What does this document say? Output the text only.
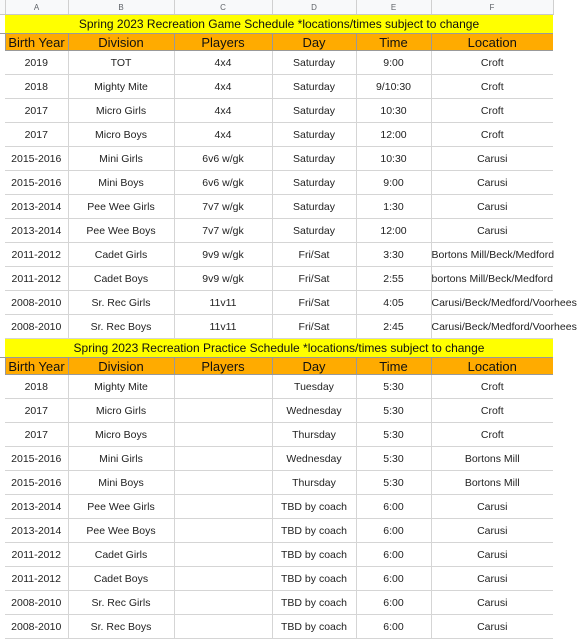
	A	B	C	D	E	F
	Spring 2023 Recreation Game Schedule *locations/times subject to change					
	Birth Year	Division	Players	Day	Time	Location
	2019	TOT	4x4	Saturday	9:00	Croft
	2018	Mighty Mite	4x4	Saturday	9/10:30	Croft
	2017	Micro Girls	4x4	Saturday	10:30	Croft
	2017	Micro Boys	4x4	Saturday	12:00	Croft
	2015-2016	Mini Girls	6v6 w/gk	Saturday	10:30	Carusi
	2015-2016	Mini Boys	6v6 w/gk	Saturday	9:00	Carusi
	2013-2014	Pee Wee Girls	7v7 w/gk	Saturday	1:30	Carusi
	2013-2014	Pee Wee Boys	7v7 w/gk	Saturday	12:00	Carusi
	2011-2012	Cadet Girls	9v9 w/gk	Fri/Sat	3:30	Bortons Mill/Beck/Medford
	2011-2012	Cadet Boys	9v9 w/gk	Fri/Sat	2:55	bortons Mill/Beck/Medford
	2008-2010	Sr. Rec Girls	11v11	Fri/Sat	4:05	Carusi/Beck/Medford/Voorhees
	2008-2010	Sr. Rec Boys	11v11	Fri/Sat	2:45	Carusi/Beck/Medford/Voorhees
	Spring 2023 Recreation Practice Schedule *locations/times subject to change					
	Birth Year	Division	Players	Day	Time	Location
	2018	Mighty Mite		Tuesday	5:30	Croft
	2017	Micro Girls		Wednesday	5:30	Croft
	2017	Micro Boys		Thursday	5:30	Croft
	2015-2016	Mini Girls		Wednesday	5:30	Bortons Mill
	2015-2016	Mini Boys		Thursday	5:30	Bortons Mill
	2013-2014	Pee Wee Girls		TBD by coach	6:00	Carusi
	2013-2014	Pee Wee Boys		TBD by coach	6:00	Carusi
	2011-2012	Cadet Girls		TBD by coach	6:00	Carusi
	2011-2012	Cadet Boys		TBD by coach	6:00	Carusi
	2008-2010	Sr. Rec Girls		TBD by coach	6:00	Carusi
	2008-2010	Sr. Rec Boys		TBD by coach	6:00	Carusi
